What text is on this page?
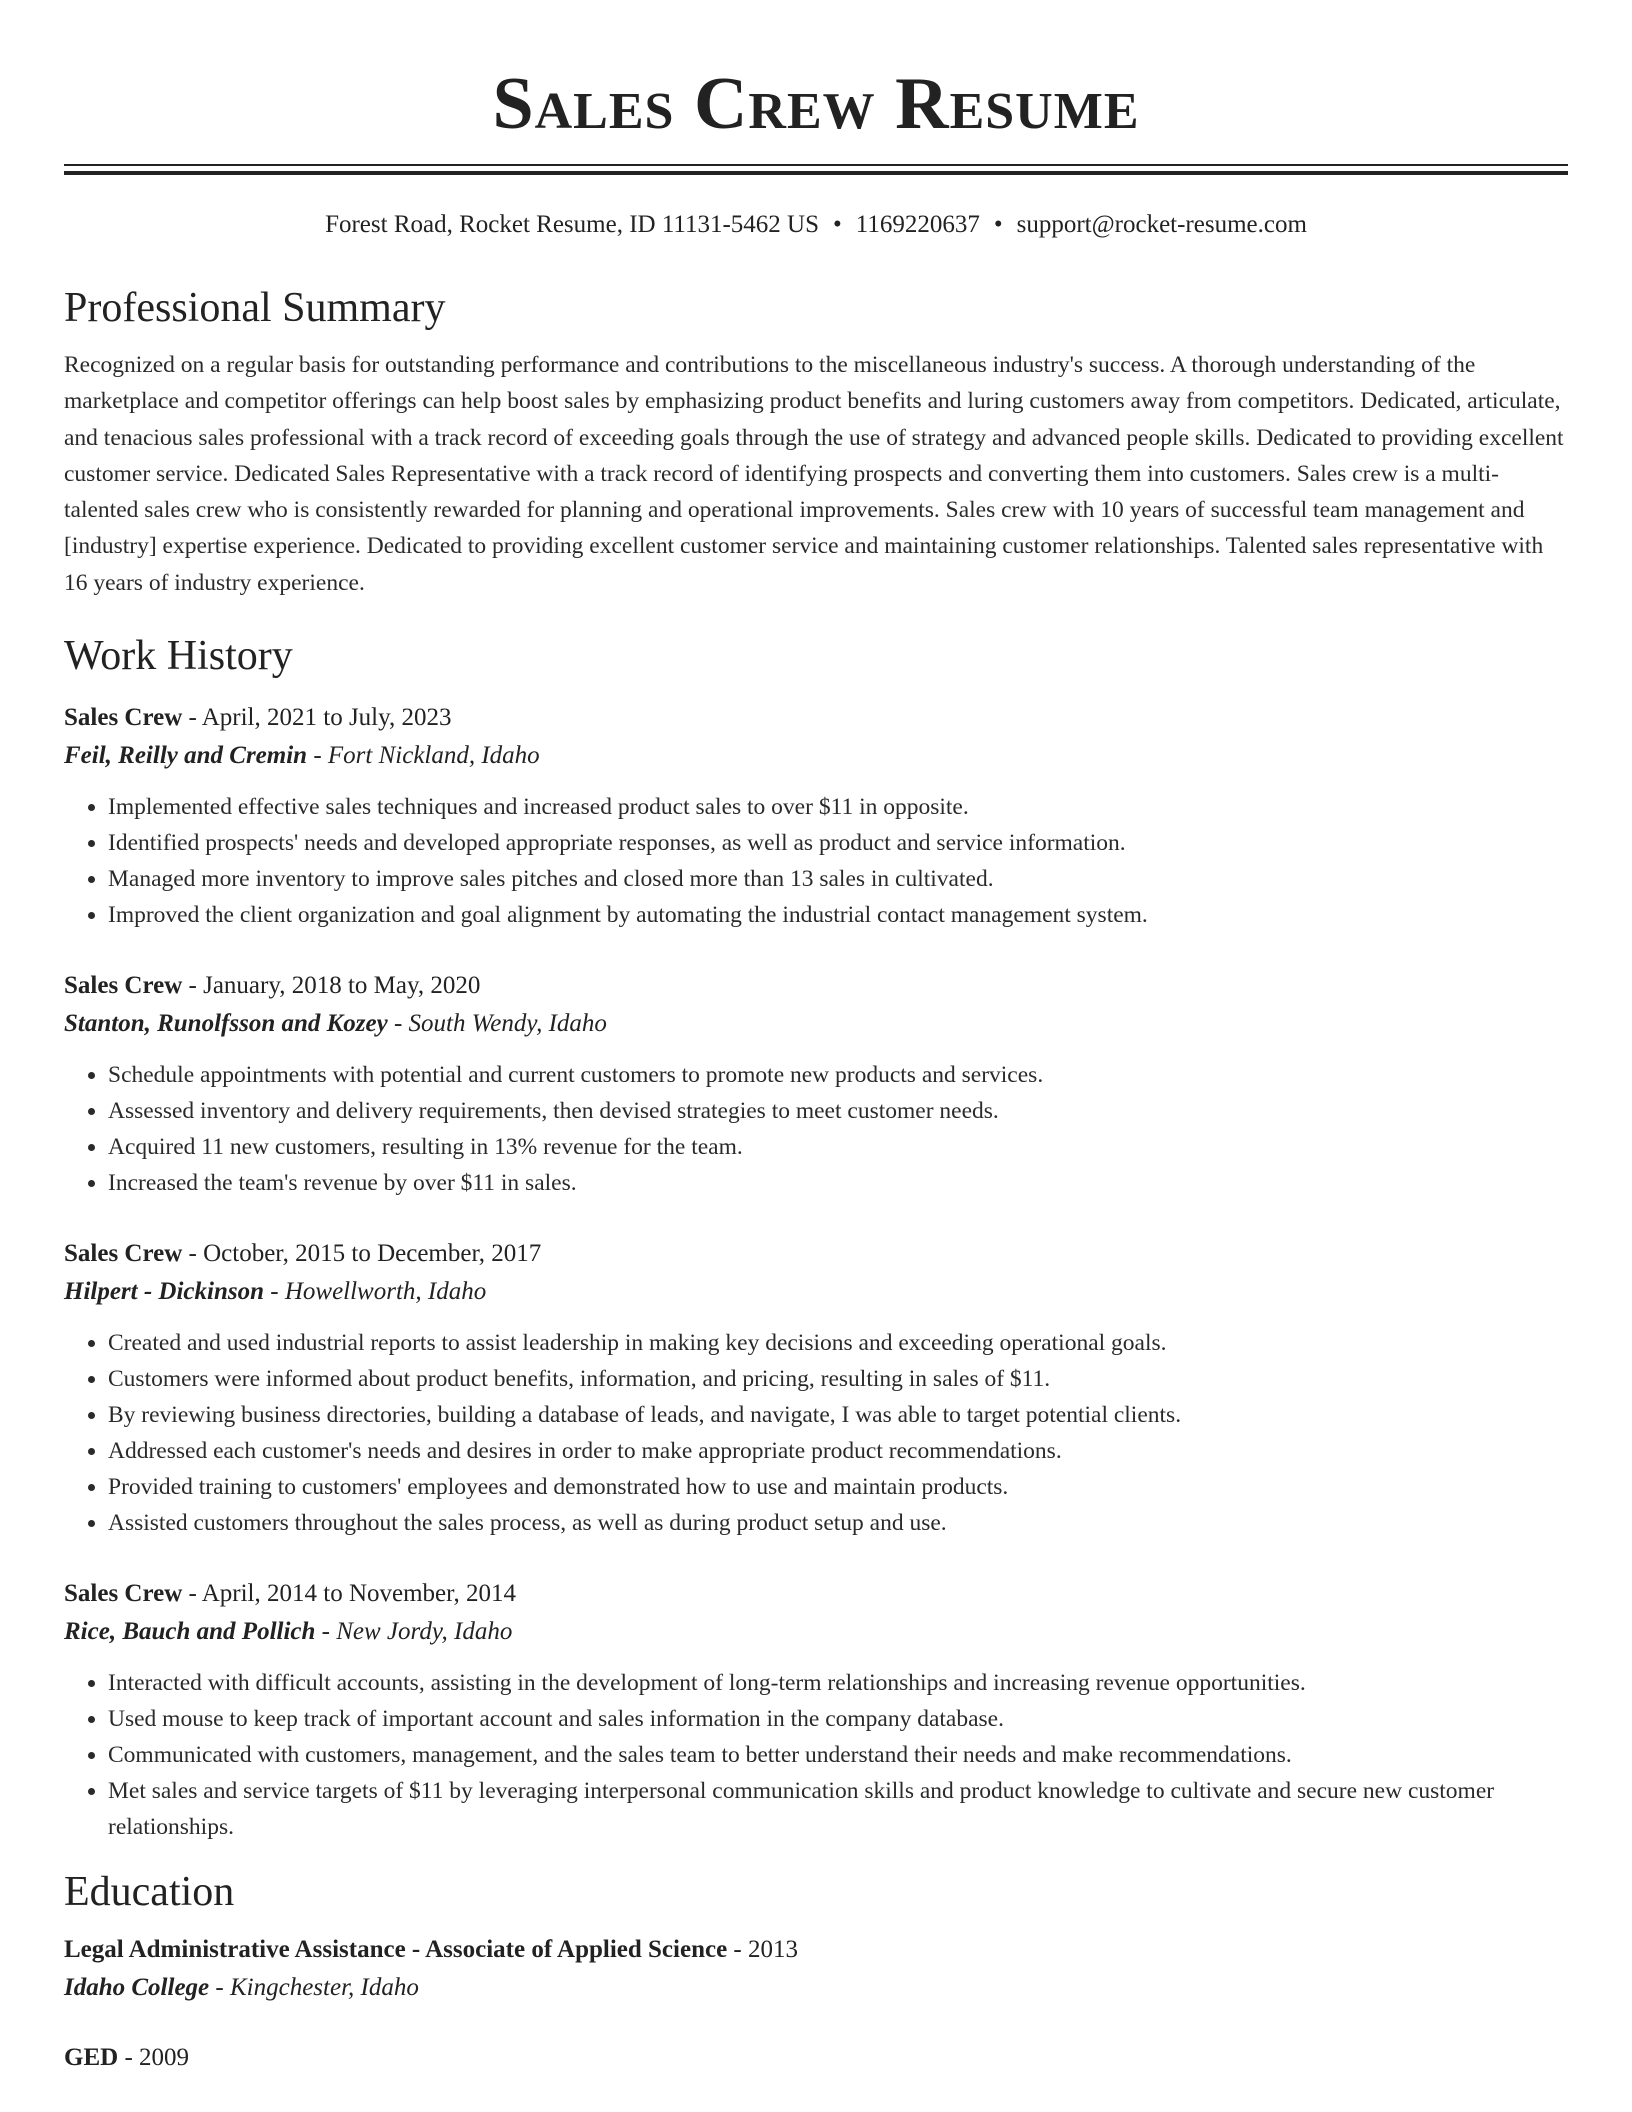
Sales Crew Resume
Forest Road, Rocket Resume, ID 11131-5462 US • 1169220637 • support@rocket-resume.com
Professional Summary
Recognized on a regular basis for outstanding performance and contributions to the miscellaneous industry's success. A thorough understanding of the marketplace and competitor offerings can help boost sales by emphasizing product benefits and luring customers away from competitors. Dedicated, articulate, and tenacious sales professional with a track record of exceeding goals through the use of strategy and advanced people skills. Dedicated to providing excellent customer service. Dedicated Sales Representative with a track record of identifying prospects and converting them into customers. Sales crew is a multi-talented sales crew who is consistently rewarded for planning and operational improvements. Sales crew with 10 years of successful team management and [industry] expertise experience. Dedicated to providing excellent customer service and maintaining customer relationships. Talented sales representative with 16 years of industry experience.
Work History
Sales Crew - April, 2021 to July, 2023
Feil, Reilly and Cremin - Fort Nickland, Idaho
• Implemented effective sales techniques and increased product sales to over $11 in opposite.
• Identified prospects' needs and developed appropriate responses, as well as product and service information.
• Managed more inventory to improve sales pitches and closed more than 13 sales in cultivated.
• Improved the client organization and goal alignment by automating the industrial contact management system.
Sales Crew - January, 2018 to May, 2020
Stanton, Runolfsson and Kozey - South Wendy, Idaho
• Schedule appointments with potential and current customers to promote new products and services.
• Assessed inventory and delivery requirements, then devised strategies to meet customer needs.
• Acquired 11 new customers, resulting in 13% revenue for the team.
• Increased the team's revenue by over $11 in sales.
Sales Crew - October, 2015 to December, 2017
Hilpert - Dickinson - Howellworth, Idaho
• Created and used industrial reports to assist leadership in making key decisions and exceeding operational goals.
• Customers were informed about product benefits, information, and pricing, resulting in sales of $11.
• By reviewing business directories, building a database of leads, and navigate, I was able to target potential clients.
• Addressed each customer's needs and desires in order to make appropriate product recommendations.
• Provided training to customers' employees and demonstrated how to use and maintain products.
• Assisted customers throughout the sales process, as well as during product setup and use.
Sales Crew - April, 2014 to November, 2014
Rice, Bauch and Pollich - New Jordy, Idaho
• Interacted with difficult accounts, assisting in the development of long-term relationships and increasing revenue opportunities.
• Used mouse to keep track of important account and sales information in the company database.
• Communicated with customers, management, and the sales team to better understand their needs and make recommendations.
• Met sales and service targets of $11 by leveraging interpersonal communication skills and product knowledge to cultivate and secure new customer relationships.
Education
Legal Administrative Assistance - Associate of Applied Science - 2013
Idaho College - Kingchester, Idaho
GED - 2009
